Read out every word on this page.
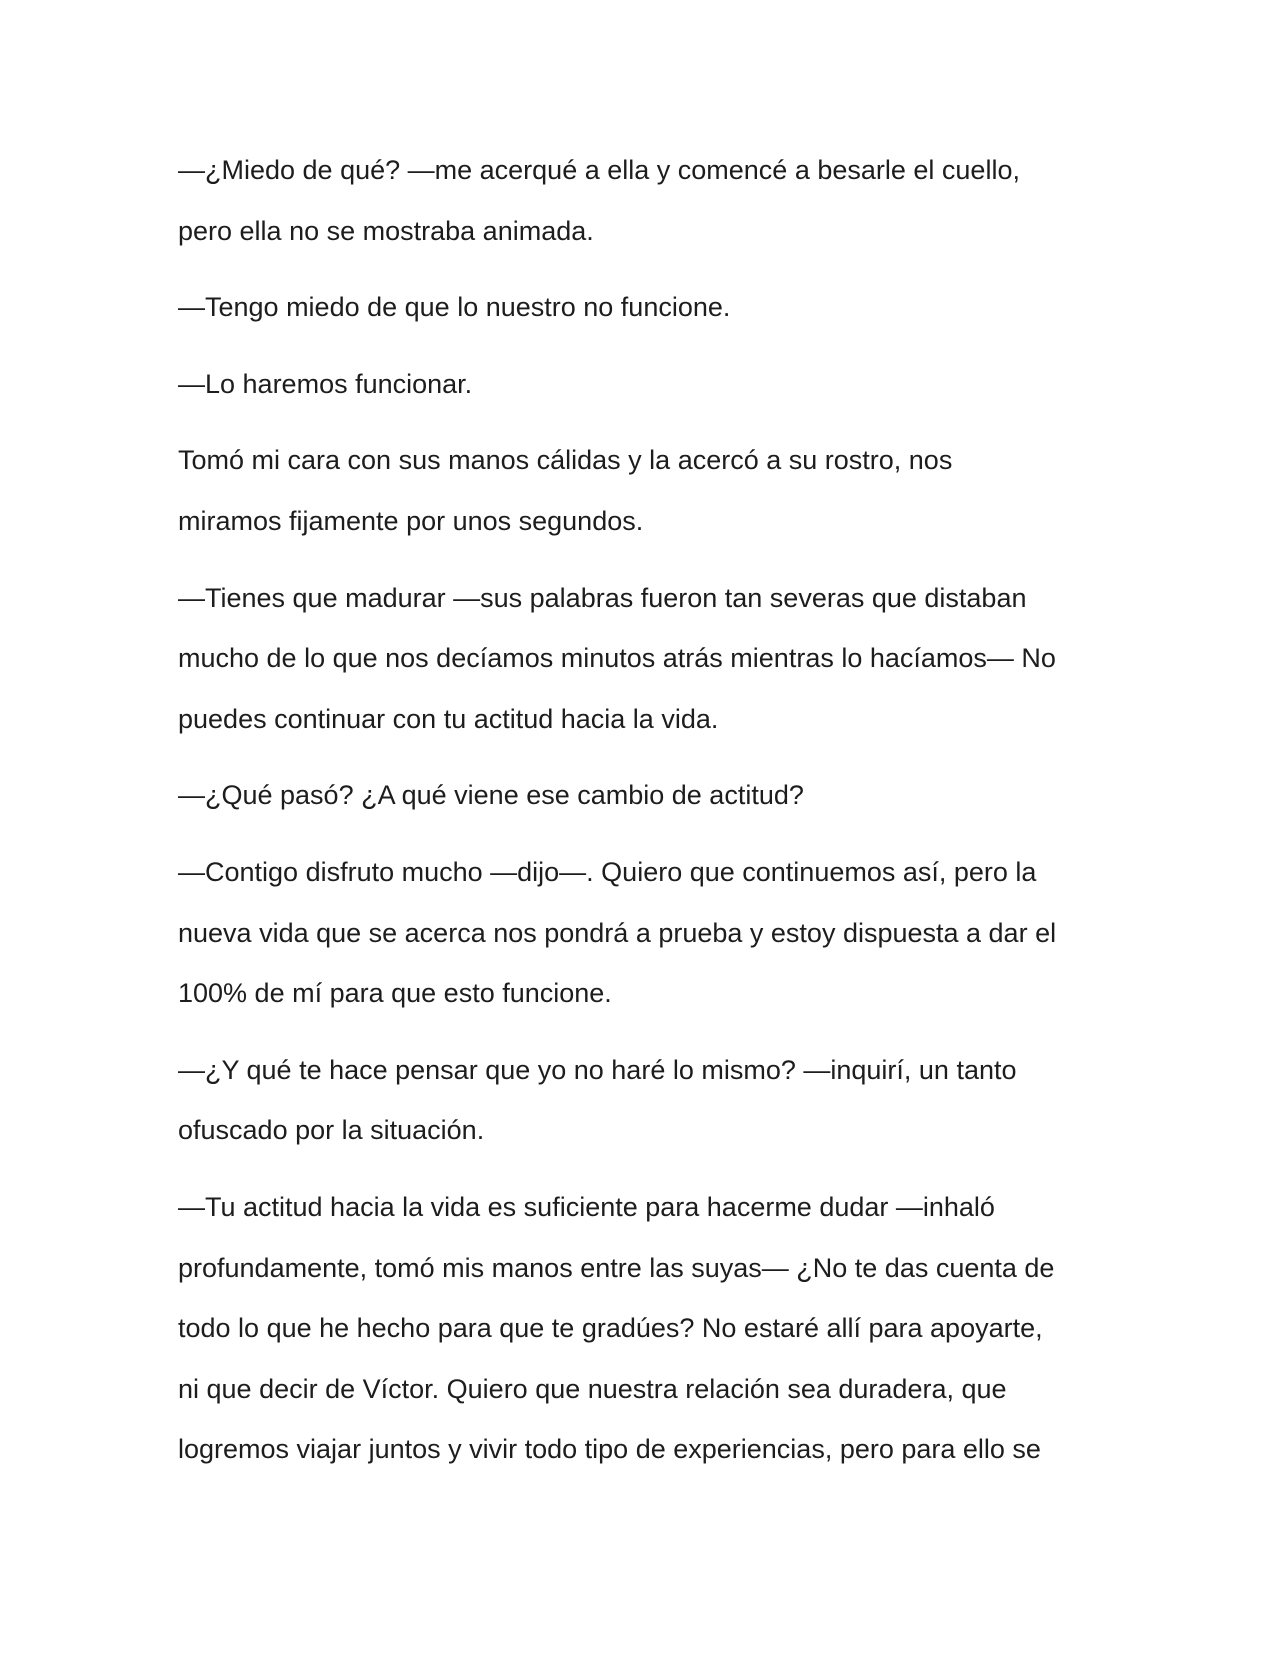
—¿Miedo de qué? —me acerqué a ella y comencé a besarle el cuello,
pero ella no se mostraba animada.

—Tengo miedo de que lo nuestro no funcione.

—Lo haremos funcionar.

Tomó mi cara con sus manos cálidas y la acercó a su rostro, nos
miramos fijamente por unos segundos.

—Tienes que madurar —sus palabras fueron tan severas que distaban
mucho de lo que nos decíamos minutos atrás mientras lo hacíamos— No
puedes continuar con tu actitud hacia la vida.

—¿Qué pasó? ¿A qué viene ese cambio de actitud?

—Contigo disfruto mucho —dijo—. Quiero que continuemos así, pero la
nueva vida que se acerca nos pondrá a prueba y estoy dispuesta a dar el
100% de mí para que esto funcione.

—¿Y qué te hace pensar que yo no haré lo mismo? —inquirí, un tanto
ofuscado por la situación.

—Tu actitud hacia la vida es suficiente para hacerme dudar —inhaló
profundamente, tomó mis manos entre las suyas— ¿No te das cuenta de
todo lo que he hecho para que te gradúes? No estaré allí para apoyarte,
ni que decir de Víctor. Quiero que nuestra relación sea duradera, que
logremos viajar juntos y vivir todo tipo de experiencias, pero para ello se
